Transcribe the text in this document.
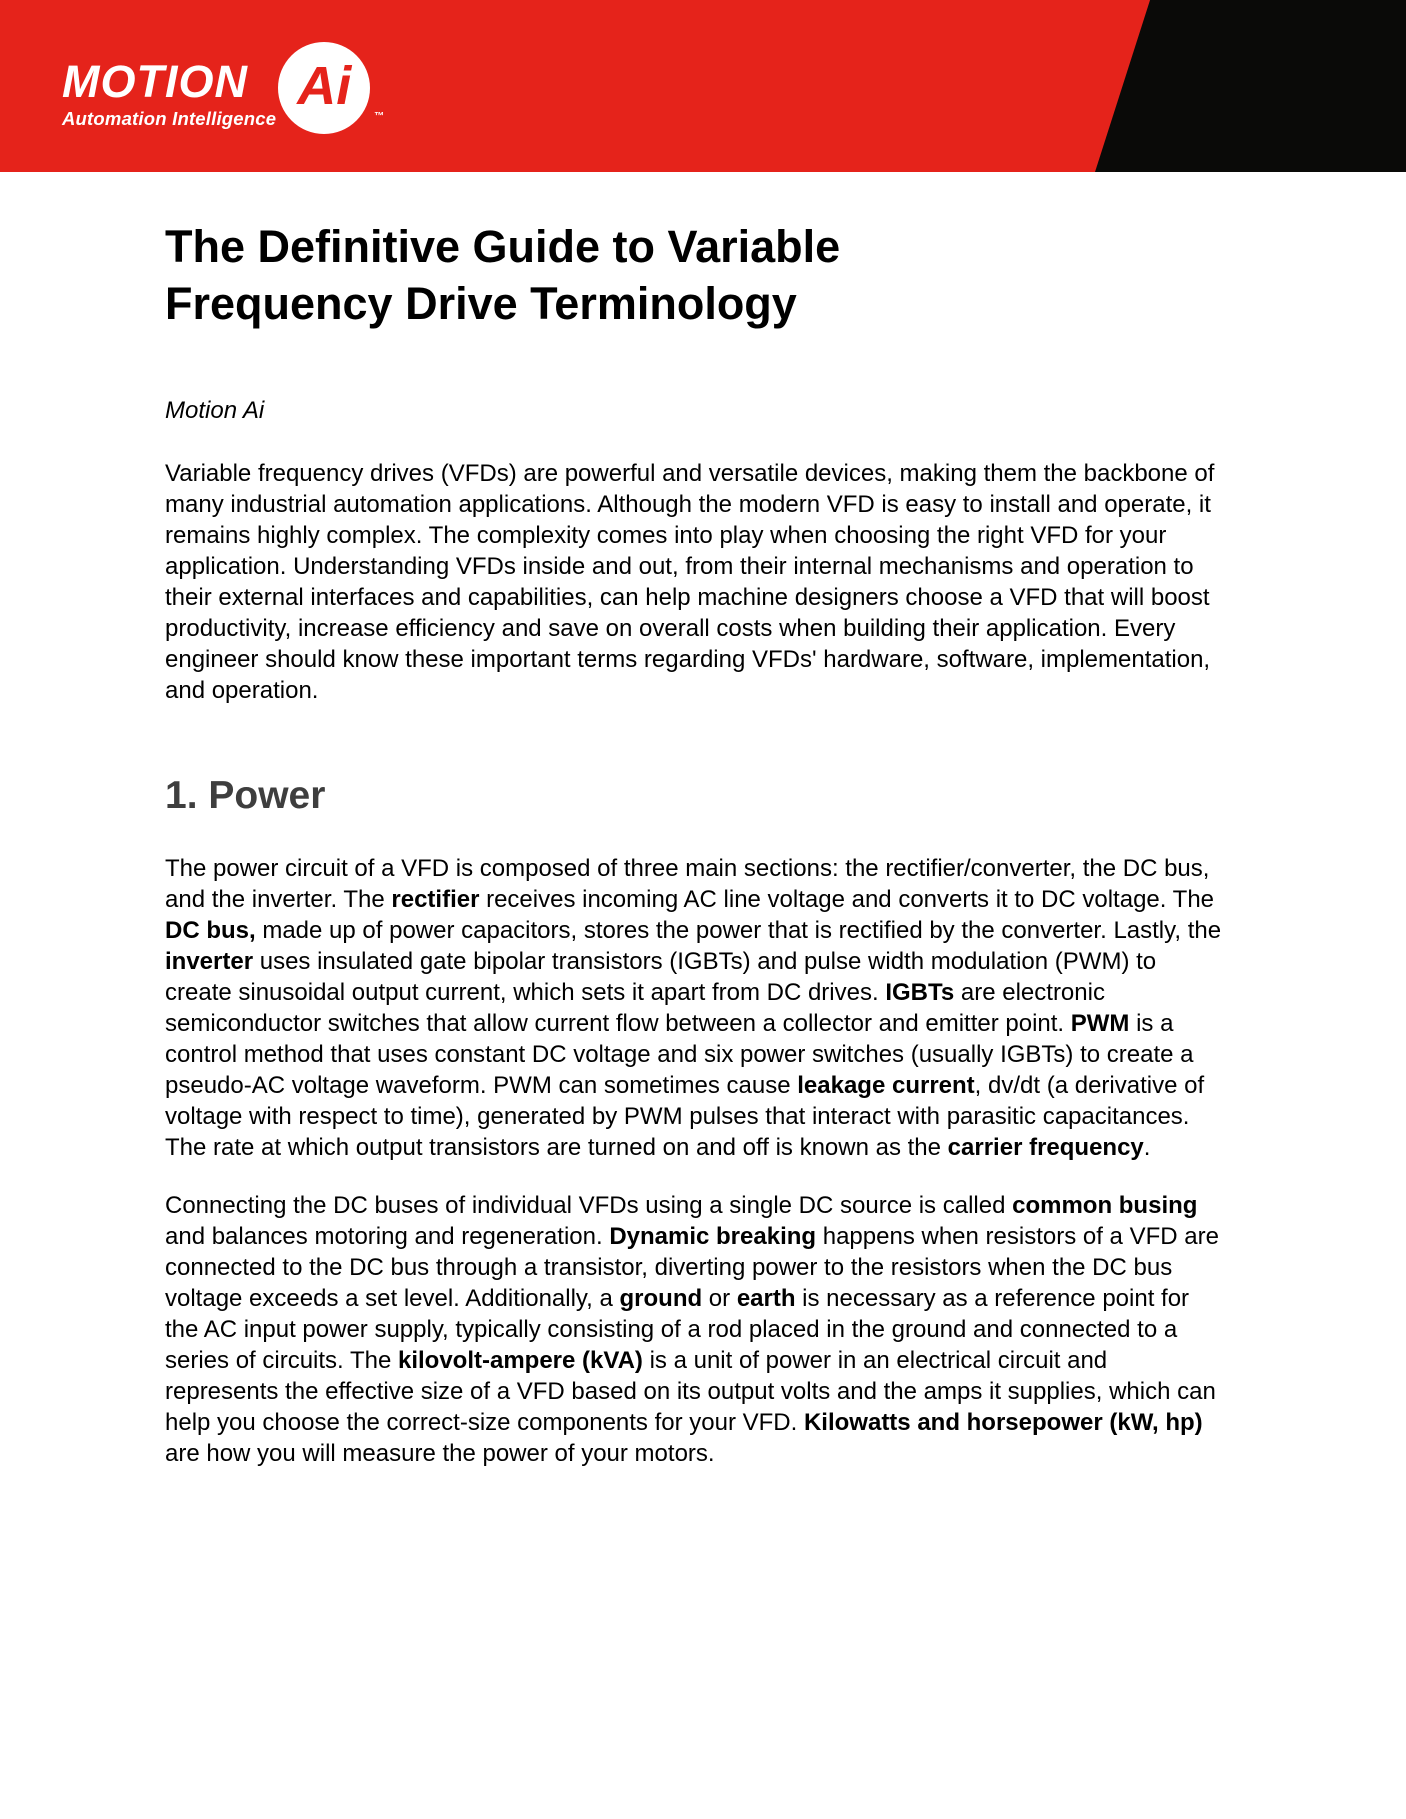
MOTION
Automation Intelligence
Ai
™
The Definitive Guide to Variable Frequency Drive Terminology

Motion Ai

Variable frequency drives (VFDs) are powerful and versatile devices, making them the backbone of many industrial automation applications. Although the modern VFD is easy to install and operate, it remains highly complex. The complexity comes into play when choosing the right VFD for your application. Understanding VFDs inside and out, from their internal mechanisms and operation to their external interfaces and capabilities, can help machine designers choose a VFD that will boost productivity, increase efficiency and save on overall costs when building their application. Every engineer should know these important terms regarding VFDs' hardware, software, implementation, and operation.

1. Power

The power circuit of a VFD is composed of three main sections: the rectifier/converter, the DC bus, and the inverter. The rectifier receives incoming AC line voltage and converts it to DC voltage. The DC bus, made up of power capacitors, stores the power that is rectified by the converter. Lastly, the inverter uses insulated gate bipolar transistors (IGBTs) and pulse width modulation (PWM) to create sinusoidal output current, which sets it apart from DC drives. IGBTs are electronic semiconductor switches that allow current flow between a collector and emitter point. PWM is a control method that uses constant DC voltage and six power switches (usually IGBTs) to create a pseudo-AC voltage waveform. PWM can sometimes cause leakage current, dv/dt (a derivative of voltage with respect to time), generated by PWM pulses that interact with parasitic capacitances. The rate at which output transistors are turned on and off is known as the carrier frequency.

Connecting the DC buses of individual VFDs using a single DC source is called common busing and balances motoring and regeneration. Dynamic breaking happens when resistors of a VFD are connected to the DC bus through a transistor, diverting power to the resistors when the DC bus voltage exceeds a set level. Additionally, a ground or earth is necessary as a reference point for the AC input power supply, typically consisting of a rod placed in the ground and connected to a series of circuits. The kilovolt-ampere (kVA) is a unit of power in an electrical circuit and represents the effective size of a VFD based on its output volts and the amps it supplies, which can help you choose the correct-size components for your VFD. Kilowatts and horsepower (kW, hp) are how you will measure the power of your motors.
